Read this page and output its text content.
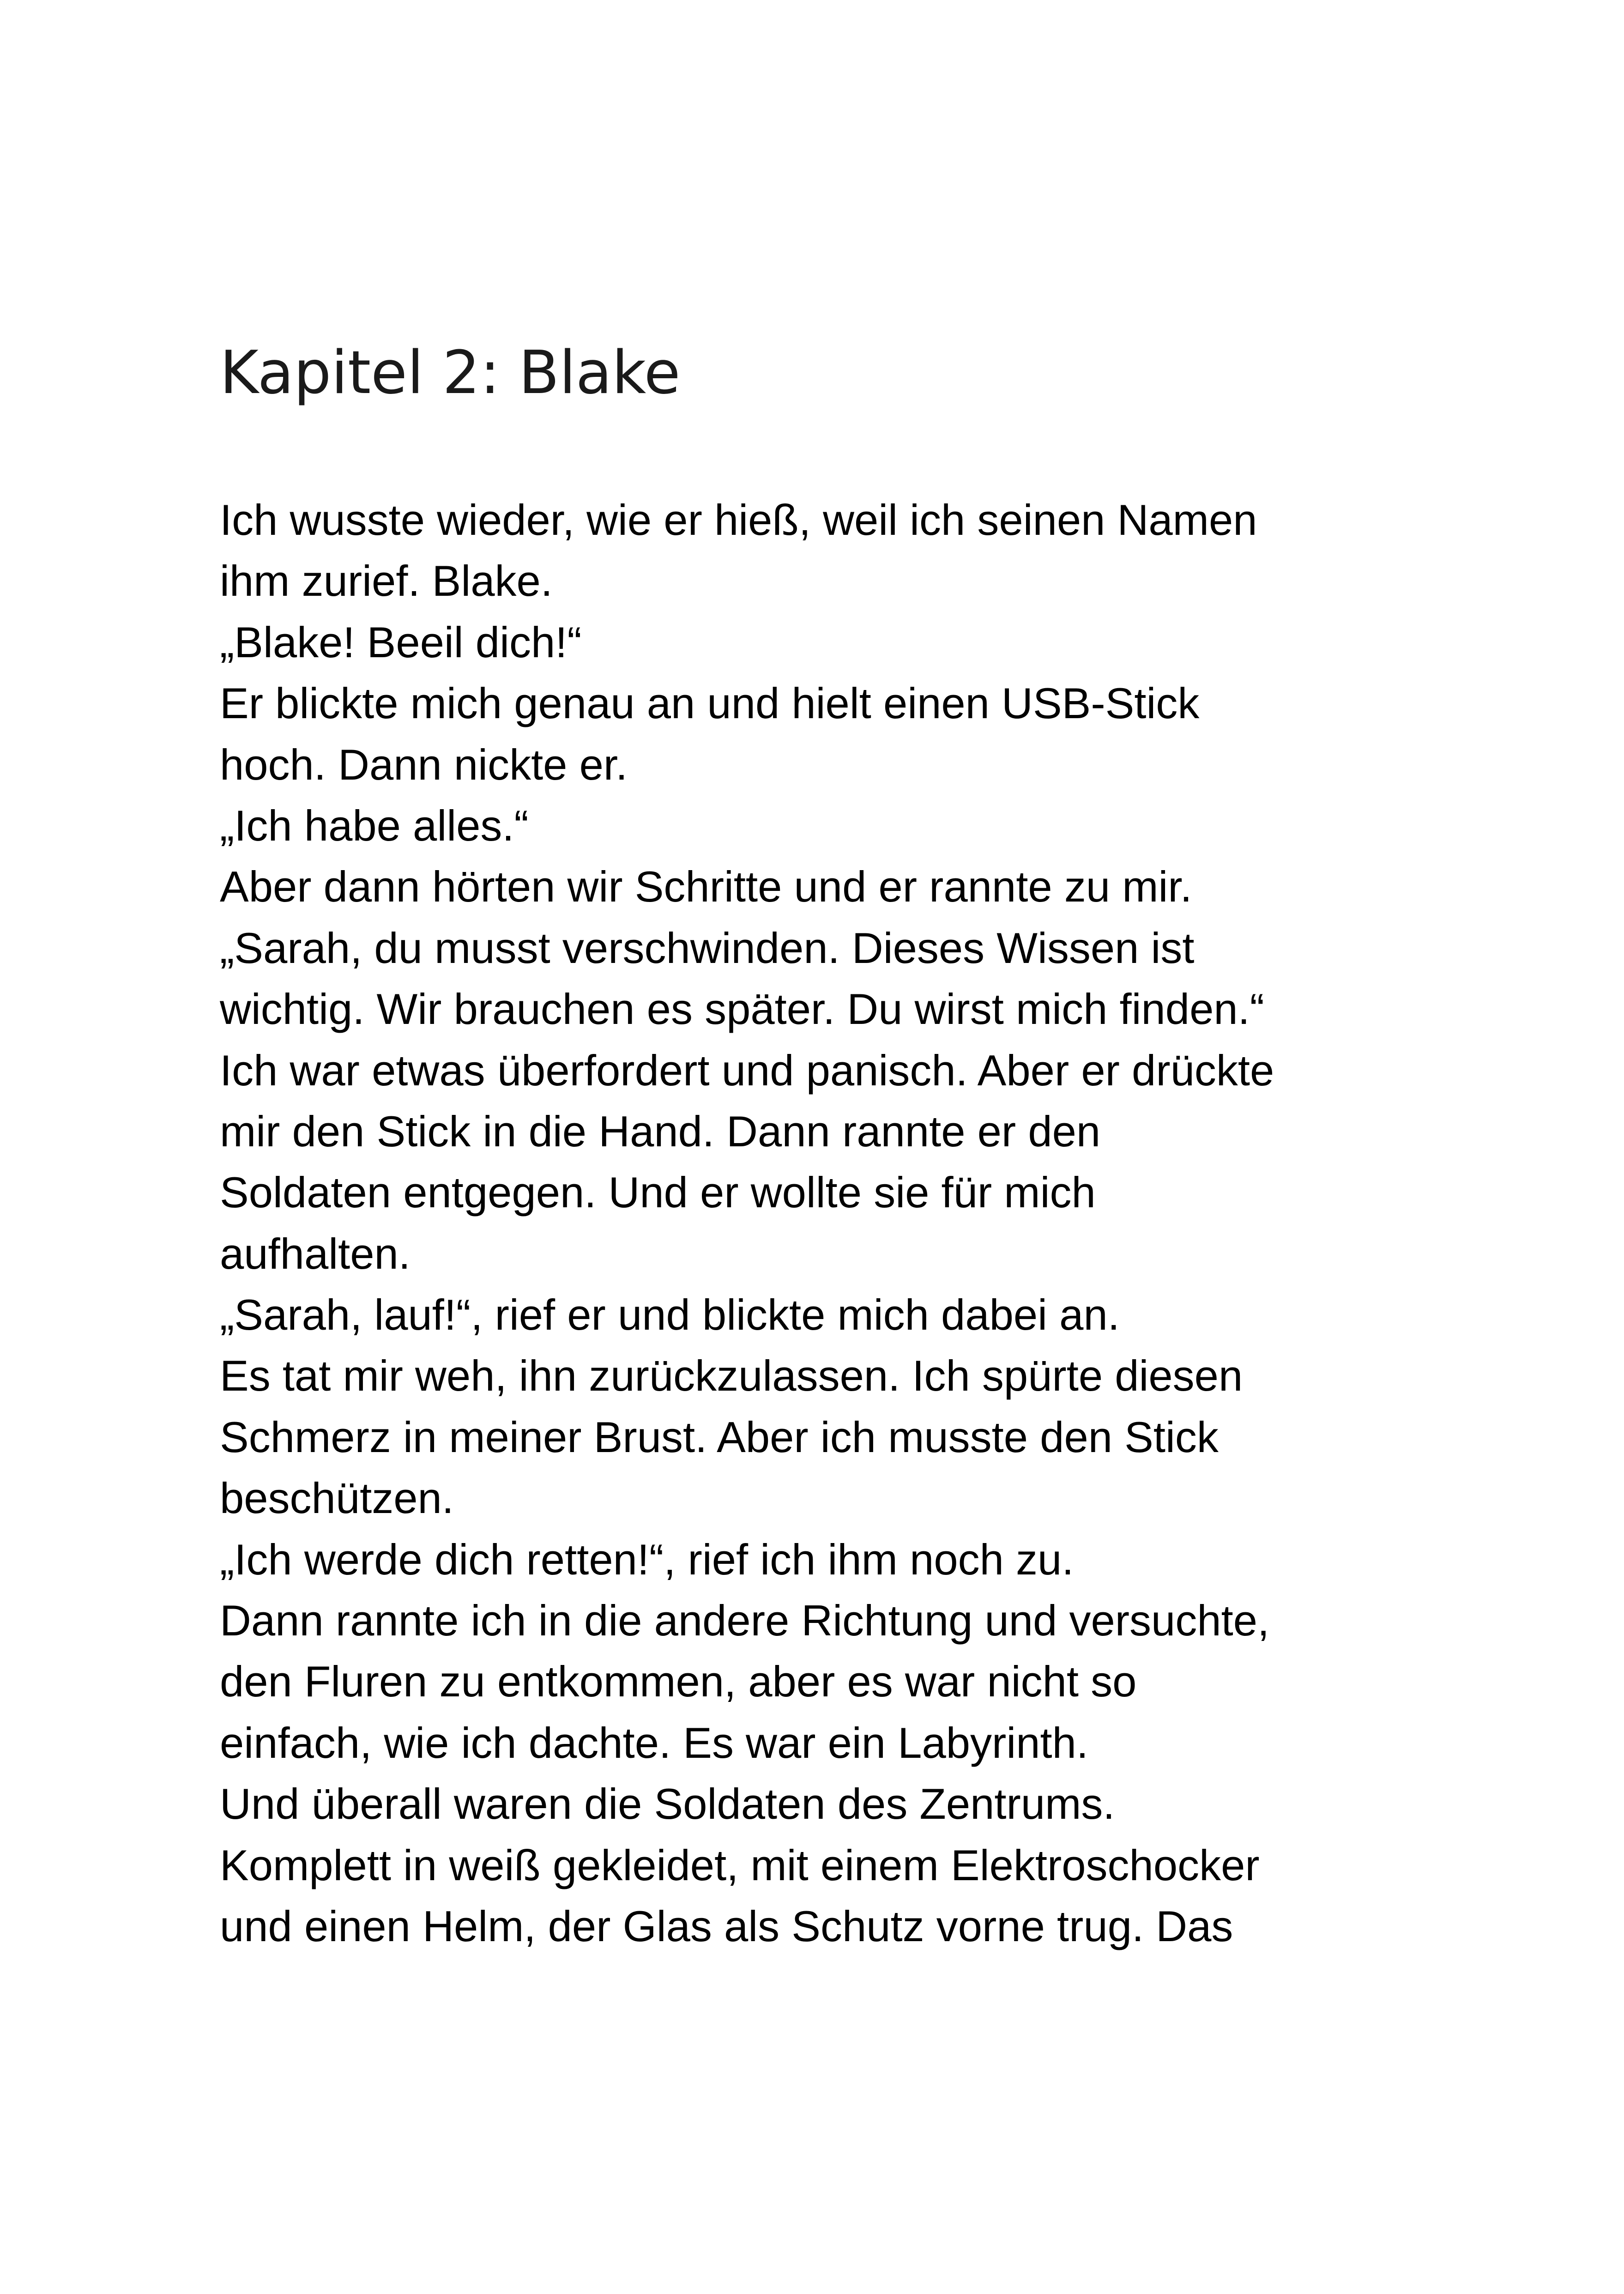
Kapitel 2: Blake
Ich wusste wieder, wie er hieß, weil ich seinen Namen
ihm zurief. Blake.
„Blake! Beeil dich!“
Er blickte mich genau an und hielt einen USB-Stick
hoch. Dann nickte er.
„Ich habe alles.“
Aber dann hörten wir Schritte und er rannte zu mir.
„Sarah, du musst verschwinden. Dieses Wissen ist
wichtig. Wir brauchen es später. Du wirst mich finden.“
Ich war etwas überfordert und panisch. Aber er drückte
mir den Stick in die Hand. Dann rannte er den
Soldaten entgegen. Und er wollte sie für mich
aufhalten.
„Sarah, lauf!“, rief er und blickte mich dabei an.
Es tat mir weh, ihn zurückzulassen. Ich spürte diesen
Schmerz in meiner Brust. Aber ich musste den Stick
beschützen.
„Ich werde dich retten!“, rief ich ihm noch zu.
Dann rannte ich in die andere Richtung und versuchte,
den Fluren zu entkommen, aber es war nicht so
einfach, wie ich dachte. Es war ein Labyrinth.
Und überall waren die Soldaten des Zentrums.
Komplett in weiß gekleidet, mit einem Elektroschocker
und einen Helm, der Glas als Schutz vorne trug. Das
